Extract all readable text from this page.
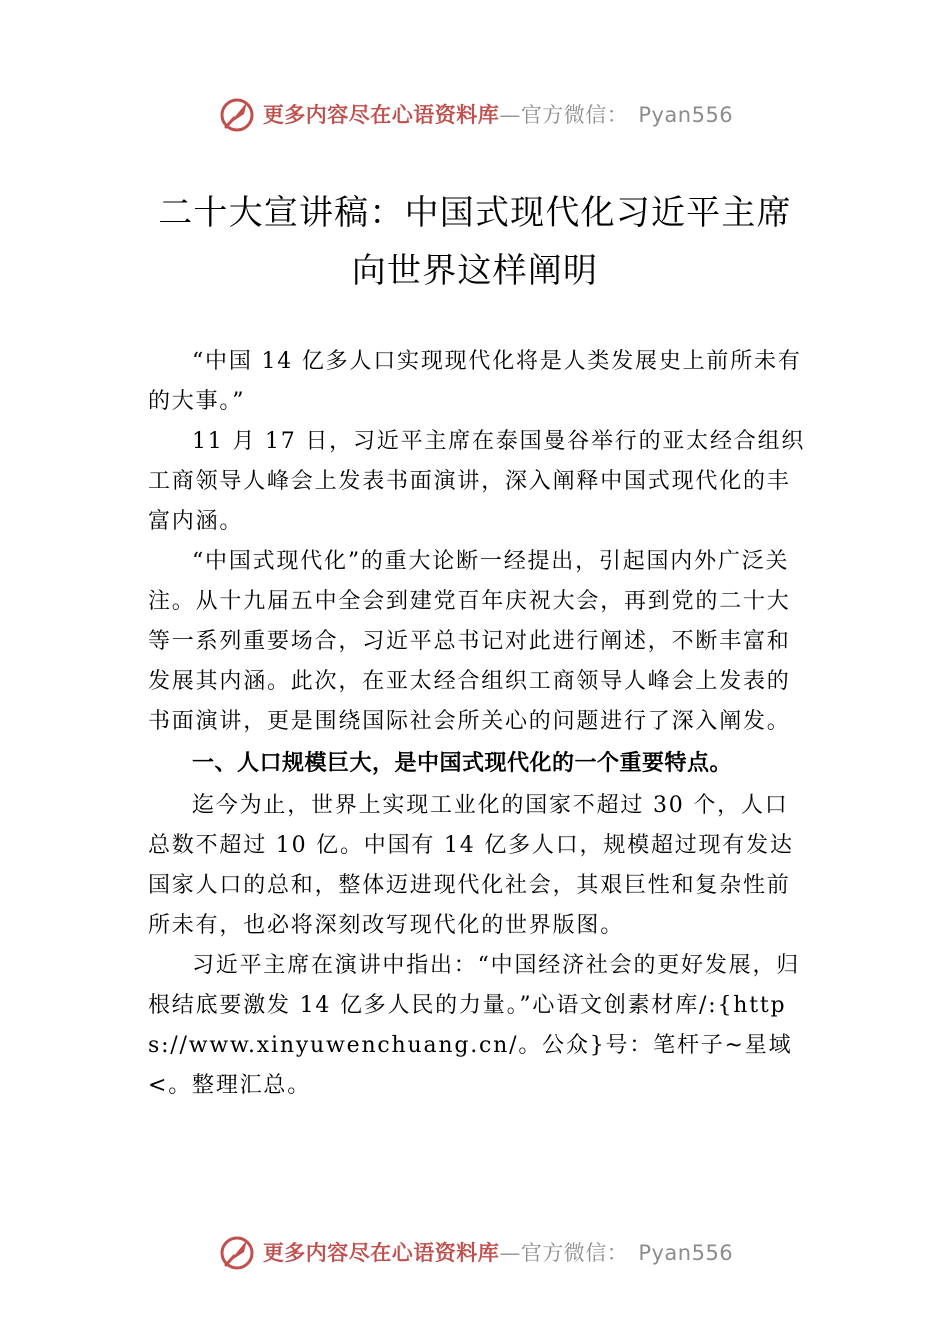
更多内容尽在心语资料库—官方微信： Pyan556
二十大宣讲稿：中国式现代化习近平主席
向世界这样阐明

“中国 14 亿多人口实现现代化将是人类发展史上前所未有的大事。”

11 月 17 日，习近平主席在泰国曼谷举行的亚太经合组织工商领导人峰会上发表书面演讲，深入阐释中国式现代化的丰富内涵。

“中国式现代化”的重大论断一经提出，引起国内外广泛关注。从十九届五中全会到建党百年庆祝大会，再到党的二十大等一系列重要场合，习近平总书记对此进行阐述，不断丰富和发展其内涵。此次，在亚太经合组织工商领导人峰会上发表的书面演讲，更是围绕国际社会所关心的问题进行了深入阐发。

一、人口规模巨大，是中国式现代化的一个重要特点。

迄今为止，世界上实现工业化的国家不超过 30 个，人口总数不超过 10 亿。中国有 14 亿多人口，规模超过现有发达国家人口的总和，整体迈进现代化社会，其艰巨性和复杂性前所未有，也必将深刻改写现代化的世界版图。

习近平主席在演讲中指出：“中国经济社会的更好发展，归根结底要激发 14 亿多人民的力量。”心语文创素材库/:{https://www.xinyuwenchuang.cn/。公众}号：笔杆子~星域<。整理汇总。

更多内容尽在心语资料库—官方微信： Pyan556
